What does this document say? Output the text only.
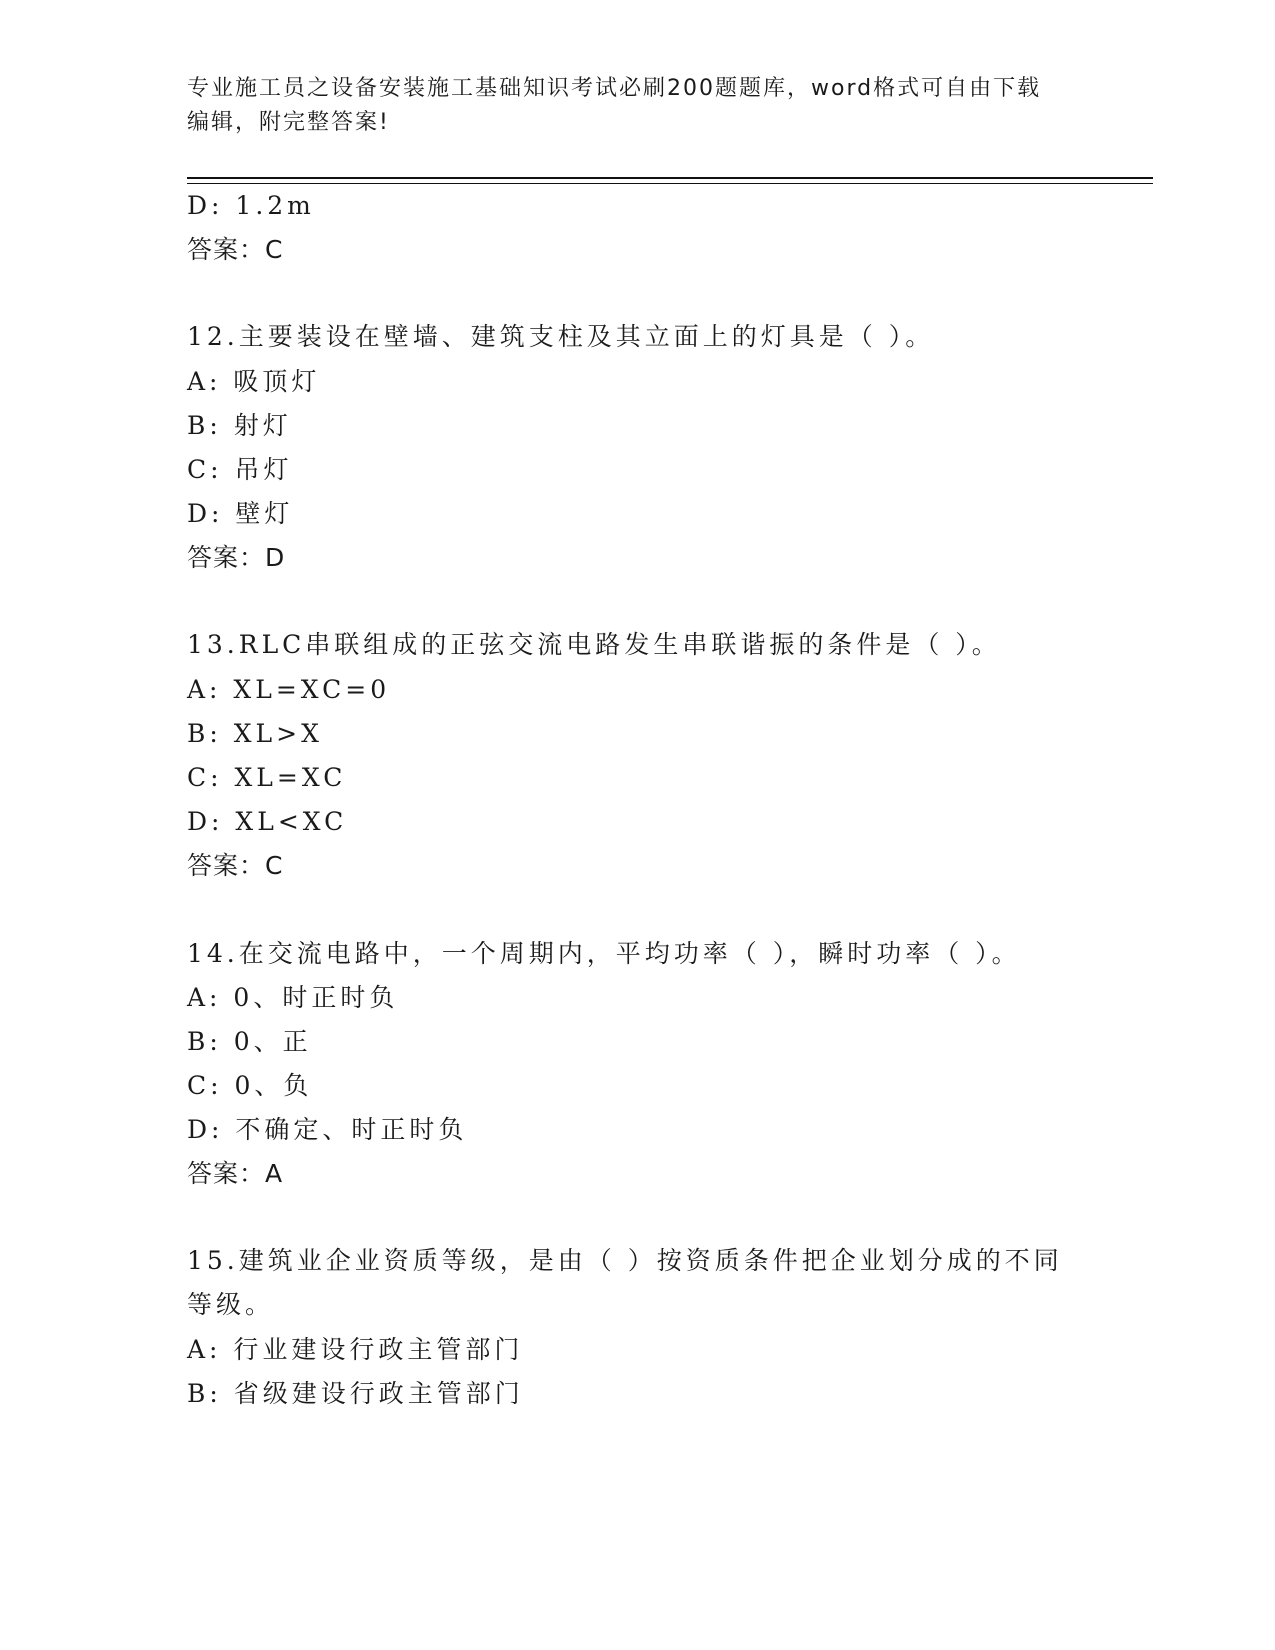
专业施工员之设备安装施工基础知识考试必刷200题题库，word格式可自由下载
编辑，附完整答案!
D: 1.2m
答案：C
12.主要装设在壁墙、建筑支柱及其立面上的灯具是（ ）。
A: 吸顶灯
B: 射灯
C: 吊灯
D: 壁灯
答案：D
13.RLC串联组成的正弦交流电路发生串联谐振的条件是（ ）。
A: XL=XC=0
B: XL>X
C: XL=XC
D: XL<XC
答案：C
14.在交流电路中，一个周期内，平均功率（ ），瞬时功率（ ）。
A: 0、时正时负
B: 0、正
C: 0、负
D: 不确定、时正时负
答案：A
15.建筑业企业资质等级，是由（ ）按资质条件把企业划分成的不同
等级。
A: 行业建设行政主管部门
B: 省级建设行政主管部门
